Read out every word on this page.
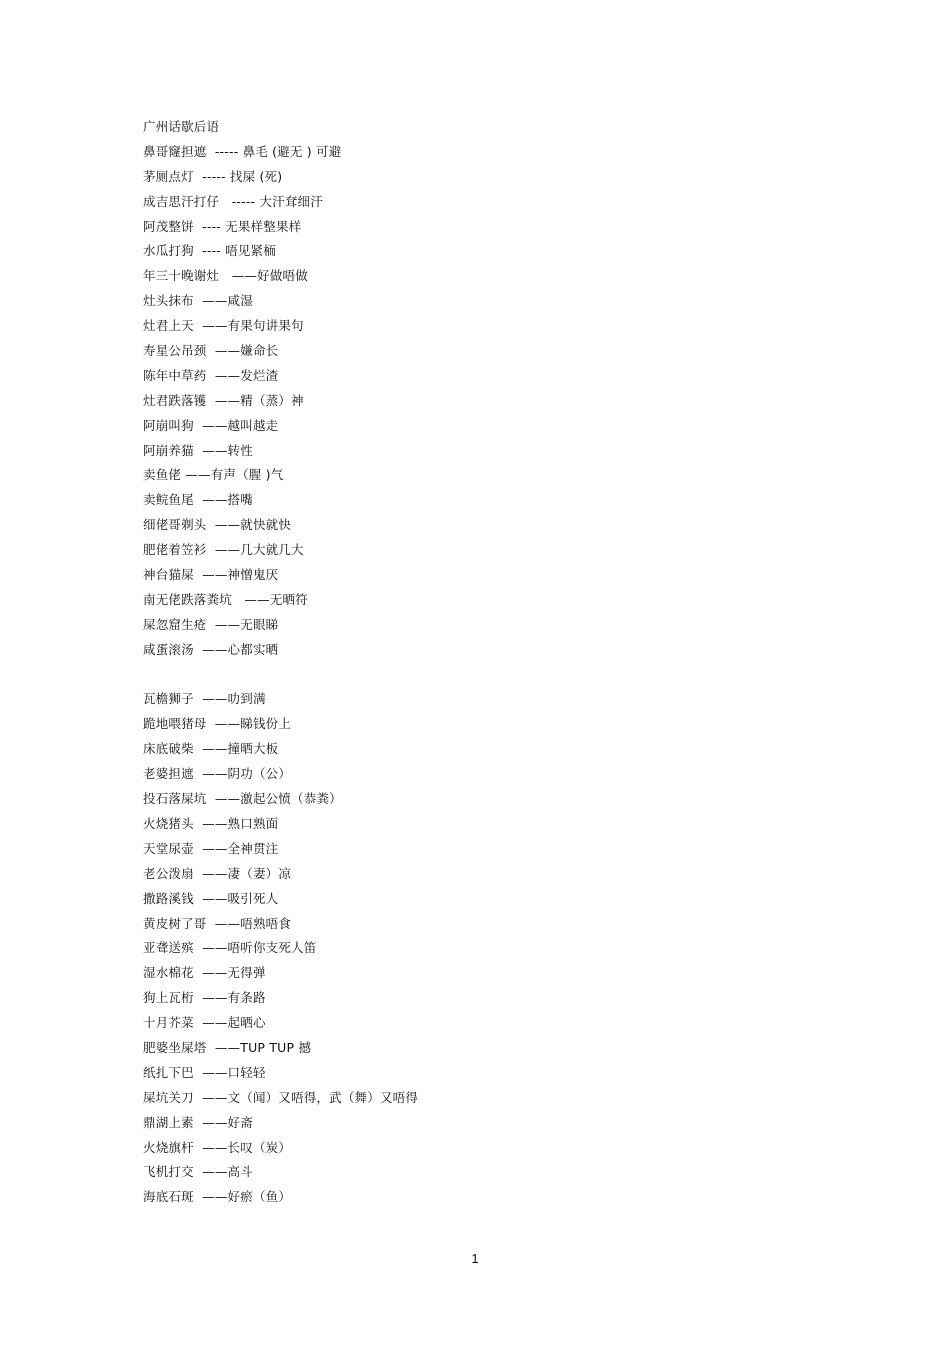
广州话歇后语
鼻哥窿担遮  ----- 鼻毛 (避无 ) 可避
茅厕点灯  ----- 找屎 (死)
成吉思汗打仔   ----- 大汗耷细汗
阿茂整饼  ---- 无果样整果样
水瓜打狗  ---- 唔见紧栭
年三十晚谢灶   ——好做唔做
灶头抹布  ——咸湿
灶君上天  ——有果句讲果句
寿星公吊颈  ——嫌命长
陈年中草药  ——发烂渣
灶君跌落镬  ——精（蒸）神
阿崩叫狗  ——越叫越走
阿崩养猫  ——转性
卖鱼佬 ——有声（腥 )气
卖鲩鱼尾  ——搭嘴
细佬哥剃头  ——就快就快
肥佬着笠衫  ——几大就几大
神台猫屎  ——神憎鬼厌
南无佬跌落粪坑   ——无晒符
屎忽窟生疮  ——无眼睇
咸蛋滚汤  ——心都实晒
瓦檐狮子  ——叻到满
跪地喂猪母  ——睇钱份上
床底破柴  ——撞晒大板
老婆担遮  ——阴功（公）
投石落屎坑  ——激起公愤（恭粪）
火烧猪头  ——熟口熟面
天堂尿壶  ——全神贯注
老公泼扇  ——凄（妻）凉
撒路溪钱  ——吸引死人
黄皮树了哥  ——唔熟唔食
亚聋送殡  ——唔听你支死人笛
湿水棉花  ——无得弹
狗上瓦桁  ——有条路
十月芥菜  ——起晒心
肥婆坐屎塔  ——TUP TUP 撼
纸扎下巴  ——口轻轻
屎坑关刀  ——文（闻）又唔得，武（舞）又唔得
鼎湖上素  ——好斋
火烧旗杆  ——长叹（炭）
飞机打交  ——高斗
海底石斑  ——好瘀（鱼）
1
